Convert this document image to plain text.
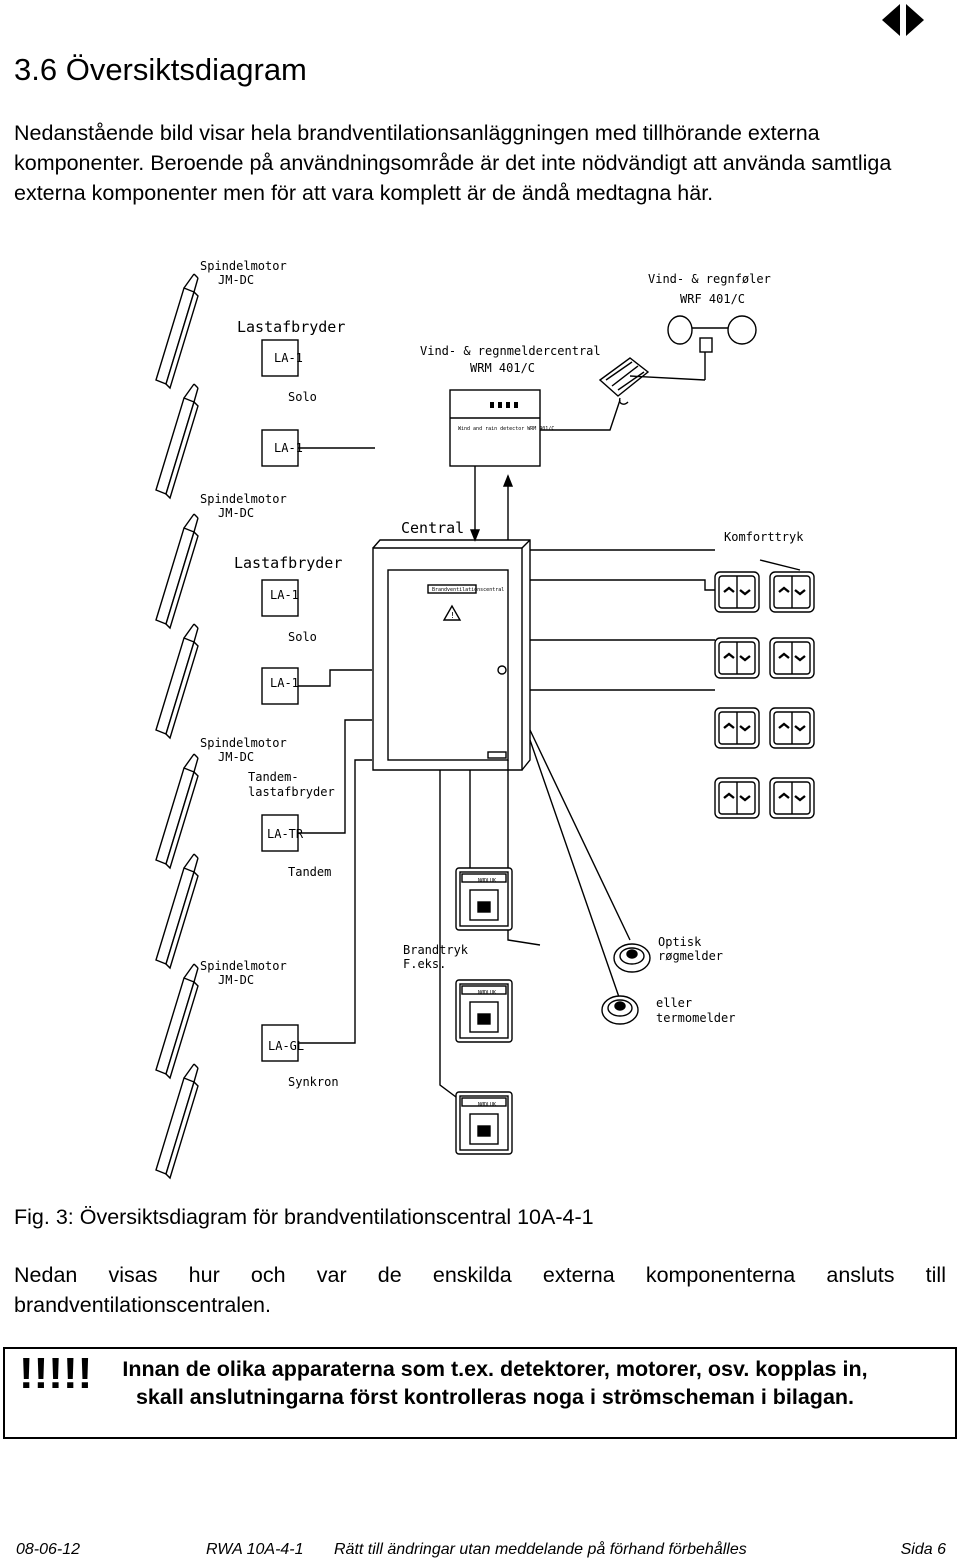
3.6 Översiktsdiagram
Nedanstående bild visar hela brandventilationsanläggningen med tillhörande externa komponenter. Beroende på användningsområde är det inte nödvändigt att använda samtliga externa komponenter men för att vara komplett är de ändå medtagna här.
Wind and rain detector WRM 401/C
!
Brandventilationscentral
Spindelmotor
JM-DC
Lastafbryder
LA-1
Solo
LA-1
Vind- & regnmeldercentral
WRM 401/C
Vind- & regnføler
WRF 401/C
Spindelmotor
JM-DC
Central	Komforttryk
Lastafbryder
LA-1
Solo
LA-1
Spindelmotor
JM-DC
Tandem-
lastafbryder
LA-TR
Tandem
Brandtryk
F.eks.
Optisk
røgmelder
eller
termomelder
Spindelmotor
JM-DC
LA-GL
Synkron
NØDLUK
NØDLUK
NØDLUK
Fig. 3: Översiktsdiagram för brandventilationscentral 10A-4-1
Nedan visas hur och var de enskilda externa komponenterna ansluts till brandventilationscentralen.
!!!!!	Innan de olika apparaterna som t.ex. detektorer, motorer, osv. kopplas in, skall anslutningarna först kontrolleras noga i strömscheman i bilagan.
08-06-12	RWA 10A-4-1 Rätt till ändringar utan meddelande på förhand förbehålles	Sida 6
